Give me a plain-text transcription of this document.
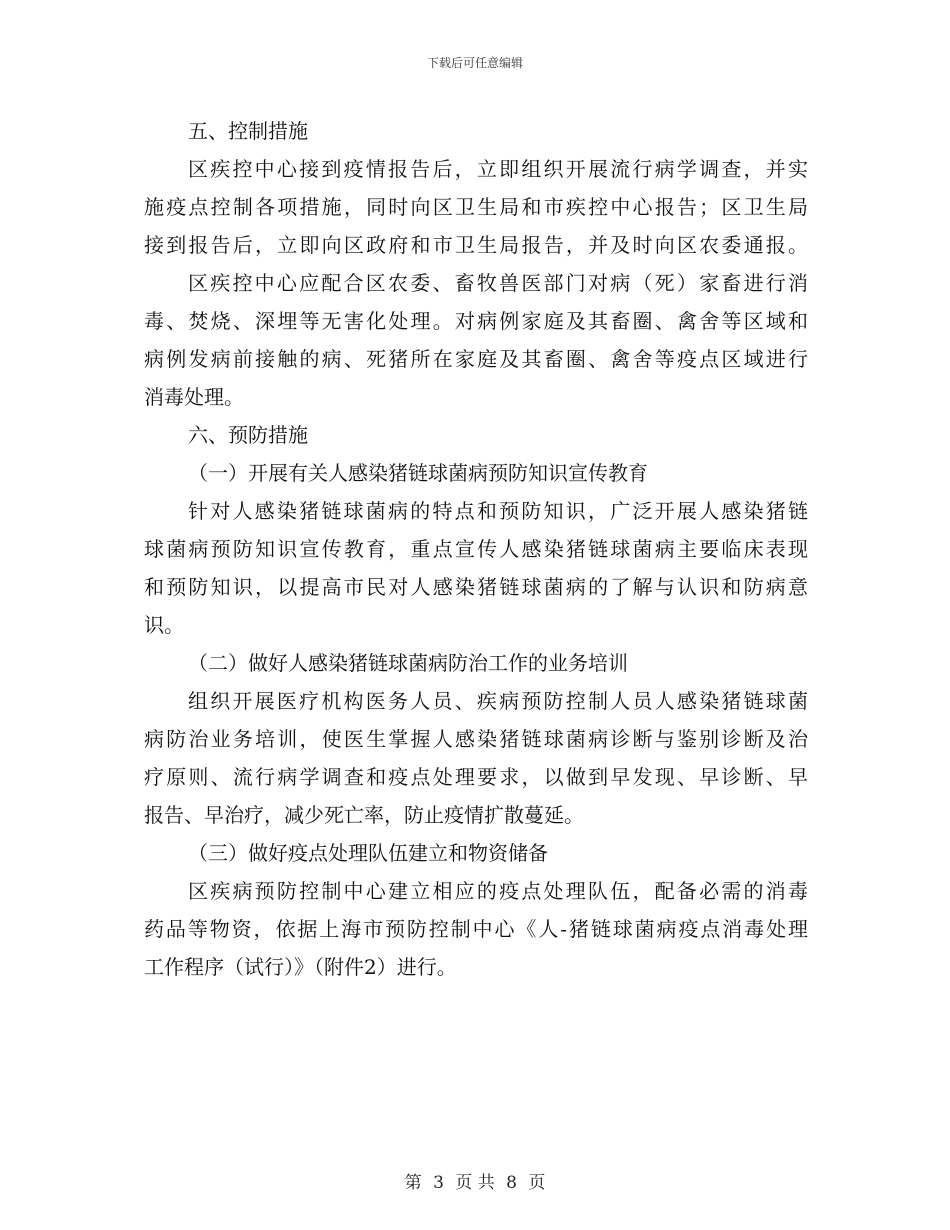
下载后可任意编辑
五、控制措施
区疾控中心接到疫情报告后，立即组织开展流行病学调查，并实
施疫点控制各项措施，同时向区卫生局和市疾控中心报告；区卫生局
接到报告后，立即向区政府和市卫生局报告，并及时向区农委通报。
区疾控中心应配合区农委、畜牧兽医部门对病（死）家畜进行消
毒、焚烧、深埋等无害化处理。对病例家庭及其畜圈、禽舍等区域和
病例发病前接触的病、死猪所在家庭及其畜圈、禽舍等疫点区域进行
消毒处理。
六、预防措施
（一）开展有关人感染猪链球菌病预防知识宣传教育
针对人感染猪链球菌病的特点和预防知识，广泛开展人感染猪链
球菌病预防知识宣传教育，重点宣传人感染猪链球菌病主要临床表现
和预防知识，以提高市民对人感染猪链球菌病的了解与认识和防病意
识。
（二）做好人感染猪链球菌病防治工作的业务培训
组织开展医疗机构医务人员、疾病预防控制人员人感染猪链球菌
病防治业务培训，使医生掌握人感染猪链球菌病诊断与鉴别诊断及治
疗原则、流行病学调查和疫点处理要求，以做到早发现、早诊断、早
报告、早治疗，减少死亡率，防止疫情扩散蔓延。
（三）做好疫点处理队伍建立和物资储备
区疾病预防控制中心建立相应的疫点处理队伍，配备必需的消毒
药品等物资，依据上海市预防控制中心《人-猪链球菌病疫点消毒处理
工作程序（试行）》（附件2）进行。
第 3 页 共 8 页
